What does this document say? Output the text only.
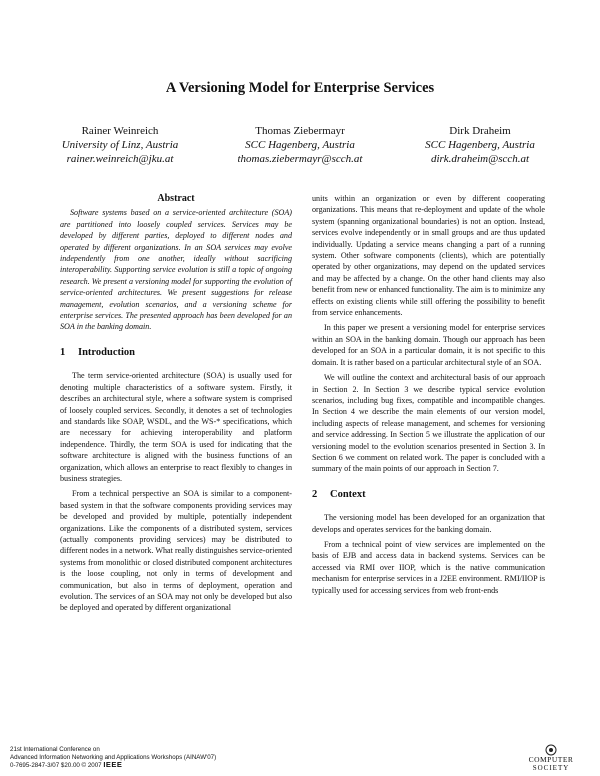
A Versioning Model for Enterprise Services
Rainer Weinreich
University of Linz, Austria
rainer.weinreich@jku.at
Thomas Ziebermayr
SCC Hagenberg, Austria
thomas.ziebermayr@scch.at
Dirk Draheim
SCC Hagenberg, Austria
dirk.draheim@scch.at
Abstract

Software systems based on a service-oriented architecture (SOA) are partitioned into loosely coupled services. Services may be developed by different parties, deployed to different nodes and operated by different organizations. In an SOA services may evolve independently from one another, ideally without sacrificing interoperability. Supporting service evolution is still a topic of ongoing research. We present a versioning model for supporting the evolution of service-oriented architectures. We present suggestions for release management, evolution scenarios, and a versioning scheme for enterprise services. The presented approach has been developed for an SOA in the banking domain.

1	Introduction

The term service-oriented architecture (SOA) is usually used for denoting multiple characteristics of a software system. Firstly, it describes an architectural style, where a software system is comprised of loosely coupled services. Secondly, it denotes a set of technologies and standards like SOAP, WSDL, and the WS-* specifications, which are necessary for achieving interoperability and platform independence. Thirdly, the term SOA is used for indicating that the software architecture is aligned with the business functions of an organization, which allows an enterprise to react flexibly to changes in business strategies.

From a technical perspective an SOA is similar to a component-based system in that the software components providing services may be developed and provided by multiple, potentially independent organizations. Like the components of a distributed system, services (actually components providing services) may be distributed to different nodes in a network. What really distinguishes service-oriented systems from monolithic or closed distributed component architectures is the loose coupling, not only in terms of development and communication, but also in terms of deployment, operation and evolution. The services of an SOA may not only be developed but also be deployed and operated by different organizational

units within an organization or even by different cooperating organizations. This means that re-deployment and update of the whole system (spanning organizational boundaries) is not an option. Instead, services evolve independently or in small groups and are thus updated individually. Updating a service means changing a part of a running system. Other software components (clients), which are potentially operated by other organizations, may depend on the updated services and may be affected by a change. On the other hand clients may also benefit from new or enhanced functionality. The aim is to minimize any effects on existing clients while still offering the possibility to benefit from service enhancements.

In this paper we present a versioning model for enterprise services within an SOA in the banking domain. Though our approach has been developed for an SOA in a particular domain, it is not specific to this domain. It is rather based on a particular architectural style of an SOA.

We will outline the context and architectural basis of our approach in Section 2. In Section 3 we describe typical service evolution scenarios, including bug fixes, compatible and incompatible changes. In Section 4 we describe the main elements of our version model, including aspects of release management, and schemes for versioning and service addressing. In Section 5 we illustrate the application of our versioning model to the evolution scenarios presented in Section 3. In Section 6 we comment on related work. The paper is concluded with a summary of the main points of our approach in Section 7.

2	Context

The versioning model has been developed for an organization that develops and operates services for the banking domain.

From a technical point of view services are implemented on the basis of EJB and access data in backend systems. Services can be accessed via RMI over IIOP, which is the native communication mechanism for enterprise services in a J2EE environment. RMI/IIOP is typically used for accessing services from web front-ends

21st International Conference on
Advanced Information Networking and Applications Workshops (AINAW'07)
0-7695-2847-3/07 $20.00 © 2007 IEEE
COMPUTER
SOCIETY
